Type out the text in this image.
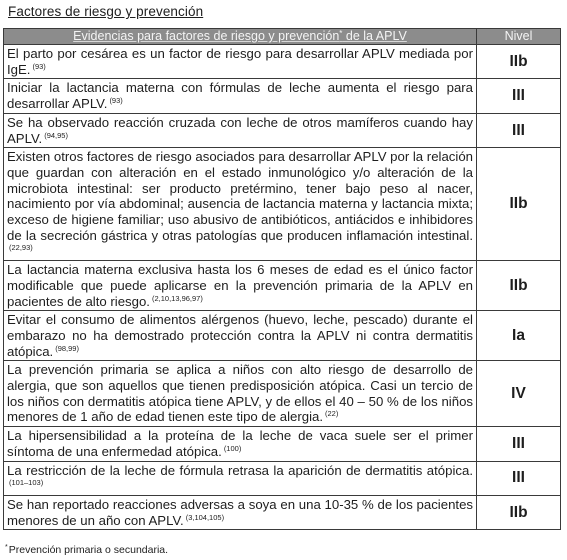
Factores de riesgo y prevención
Evidencias para factores de riesgo y prevención* de la APLV	Nivel
El parto por cesárea es un factor de riesgo para desarrollar APLV mediada por IgE. $^{(93)}$	IIb
Iniciar la lactancia materna con fórmulas de leche aumenta el riesgo para desarrollar APLV. $^{(93)}$	III
Se ha observado reacción cruzada con leche de otros mamíferos cuando hay APLV. $^{(94,95)}$	III
Existen otros factores de riesgo asociados para desarrollar APLV por la relación que guardan con alteración en el estado inmunológico y/o alteración de la microbiota intestinal: ser producto pretérmino, tener bajo peso al nacer, nacimiento por vía abdominal; ausencia de lactancia materna y lactancia mixta; exceso de higiene familiar; uso abusivo de antibióticos, antiácidos e inhibidores de la secreción gástrica y otras patologías que producen inflamación intestinal.$^{(22,93)}$	IIb
La lactancia materna exclusiva hasta los 6 meses de edad es el único factor modificable que puede aplicarse en la prevención primaria de la APLV en pacientes de alto riesgo. $^{(2,10,13,96,97)}$	IIb
Evitar el consumo de alimentos alérgenos (huevo, leche, pescado) durante el embarazo no ha demostrado protección contra la APLV ni contra dermatitis atópica. $^{(98,99)}$	Ia
La prevención primaria se aplica a niños con alto riesgo de desarrollo de alergia, que son aquellos que tienen predisposición atópica. Casi un tercio de los niños con dermatitis atópica tiene APLV, y de ellos el 40 – 50 % de los niños menores de 1 año de edad tienen este tipo de alergia. $^{(22)}$	IV
La hipersensibilidad a la proteína de la leche de vaca suele ser el primer síntoma de una enfermedad atópica. $^{(100)}$	III
La restricción de la leche de fórmula retrasa la aparición de dermatitis atópica.$^{(101-103)}$	III
Se han reportado reacciones adversas a soya en una 10-35 % de los pacientes menores de un año con APLV. $^{(3,104,105)}$	IIb
*Prevención primaria o secundaria.
